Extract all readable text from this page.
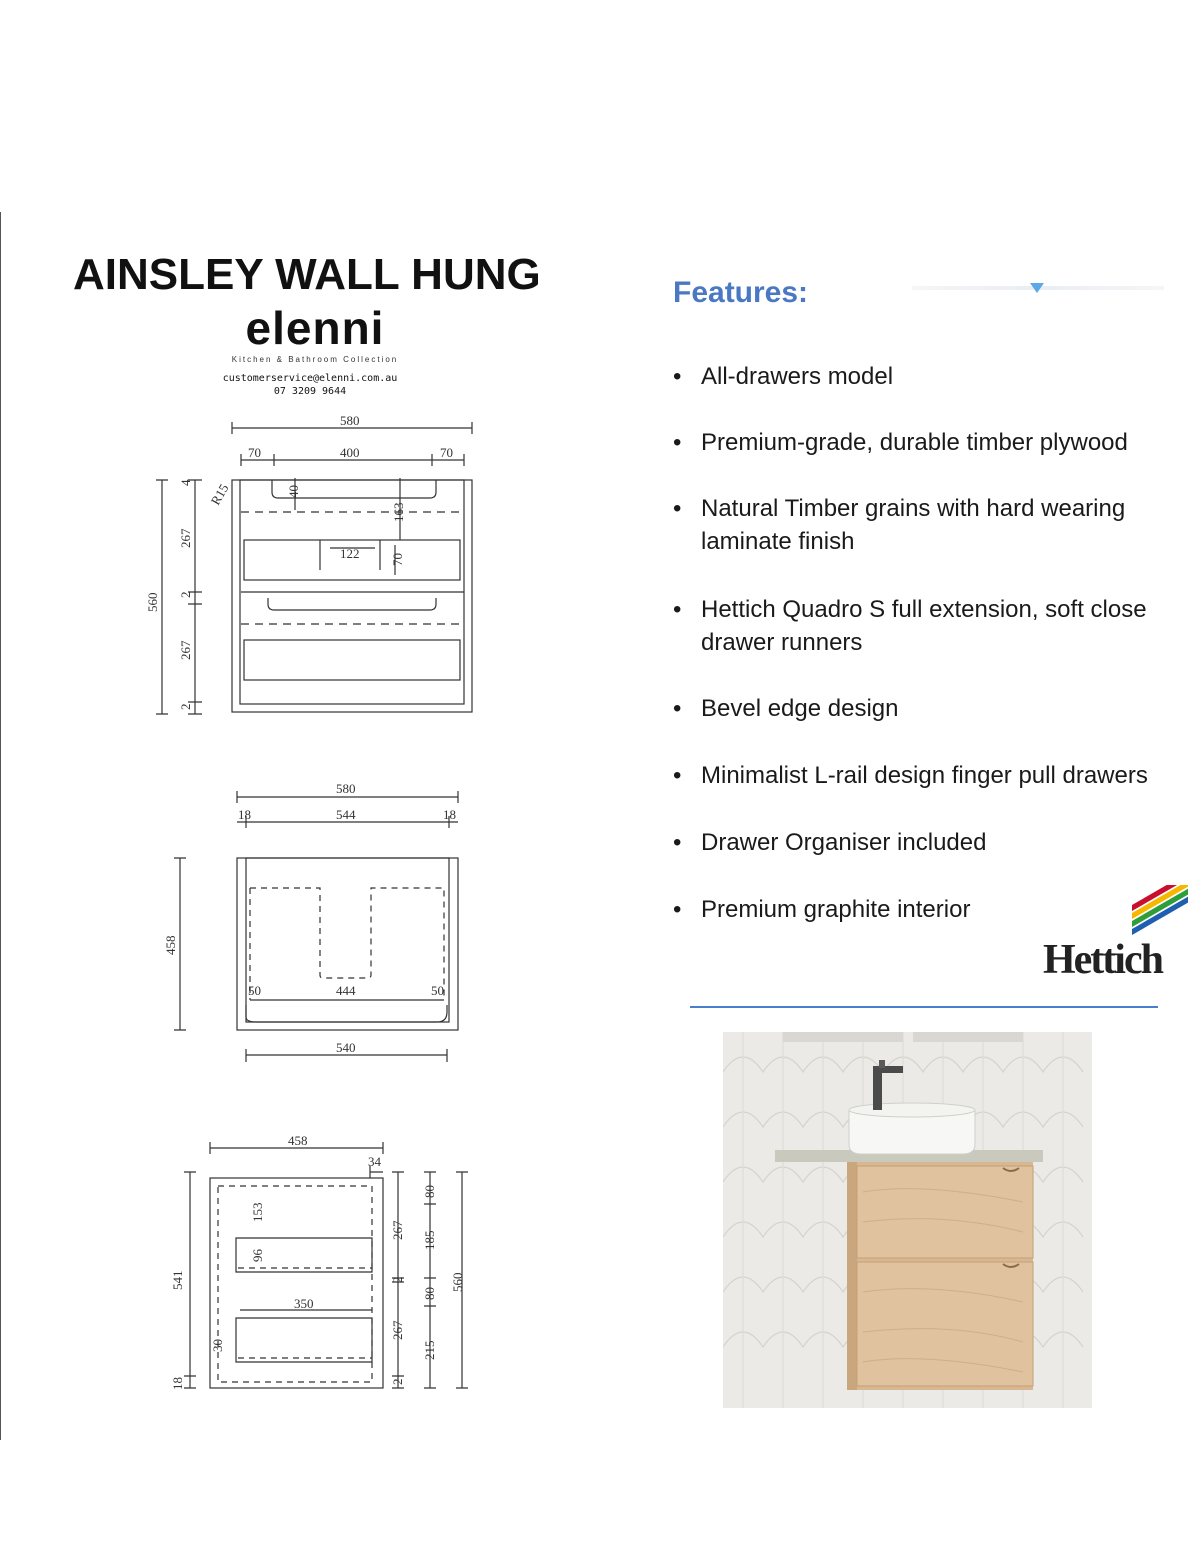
AINSLEY WALL HUNG
elenni
Kitchen & Bathroom Collection
customerservice@elenni.com.au
07 3209 9644
Features:
• All-drawers model
• Premium-grade, durable timber plywood
• Natural Timber grains with hard wearing laminate finish
• Hettich Quadro S full extension, soft close drawer runners
• Bevel edge design
• Minimalist L-rail design finger pull drawers
• Drawer Organiser included
• Premium graphite interior
Hettich
580
70	400	70
R15	40
163
122 70
560
4
267
2
267
2
580
18	544	18
458
50	444	50
540
458
34
153
350
96
30
541
18
267
2
267
2
80
185
80
215
560
